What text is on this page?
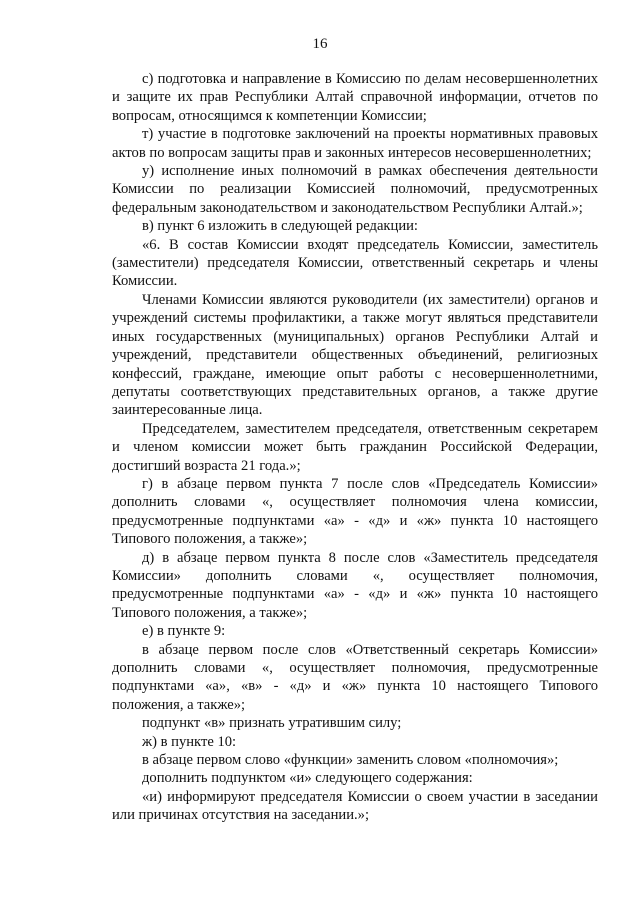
16

с) подготовка и направление в Комиссию по делам несовершеннолетних и защите их прав Республики Алтай справочной информации, отчетов по вопросам, относящимся к компетенции Комиссии;

т) участие в подготовке заключений на проекты нормативных правовых актов по вопросам защиты прав и законных интересов несовершеннолетних;

у) исполнение иных полномочий в рамках обеспечения деятельности Комиссии по реализации Комиссией полномочий, предусмотренных федеральным законодательством и законодательством Республики Алтай.»;

в) пункт 6 изложить в следующей редакции:

«6. В состав Комиссии входят председатель Комиссии, заместитель (заместители) председателя Комиссии, ответственный секретарь и члены Комиссии.

Членами Комиссии являются руководители (их заместители) органов и учреждений системы профилактики, а также могут являться представители иных государственных (муниципальных) органов Республики Алтай и учреждений, представители общественных объединений, религиозных конфессий, граждане, имеющие опыт работы с несовершеннолетними, депутаты соответствующих представительных органов, а также другие заинтересованные лица.

Председателем, заместителем председателя, ответственным секретарем и членом комиссии может быть гражданин Российской Федерации, достигший возраста 21 года.»;

г) в абзаце первом пункта 7 после слов «Председатель Комиссии» дополнить словами «, осуществляет полномочия члена комиссии, предусмотренные подпунктами «а» - «д» и «ж» пункта 10 настоящего Типового положения, а также»;

д) в абзаце первом пункта 8 после слов «Заместитель председателя Комиссии» дополнить словами «, осуществляет полномочия, предусмотренные подпунктами «а» - «д» и «ж» пункта 10 настоящего Типового положения, а также»;

е) в пункте 9:

в абзаце первом после слов «Ответственный секретарь Комиссии» дополнить словами «, осуществляет полномочия, предусмотренные подпунктами «а», «в» - «д» и «ж» пункта 10 настоящего Типового положения, а также»;

подпункт «в» признать утратившим силу;

ж) в пункте 10:

в абзаце первом слово «функции» заменить словом «полномочия»;

дополнить подпунктом «и» следующего содержания:

«и) информируют председателя Комиссии о своем участии в заседании или причинах отсутствия на заседании.»;
